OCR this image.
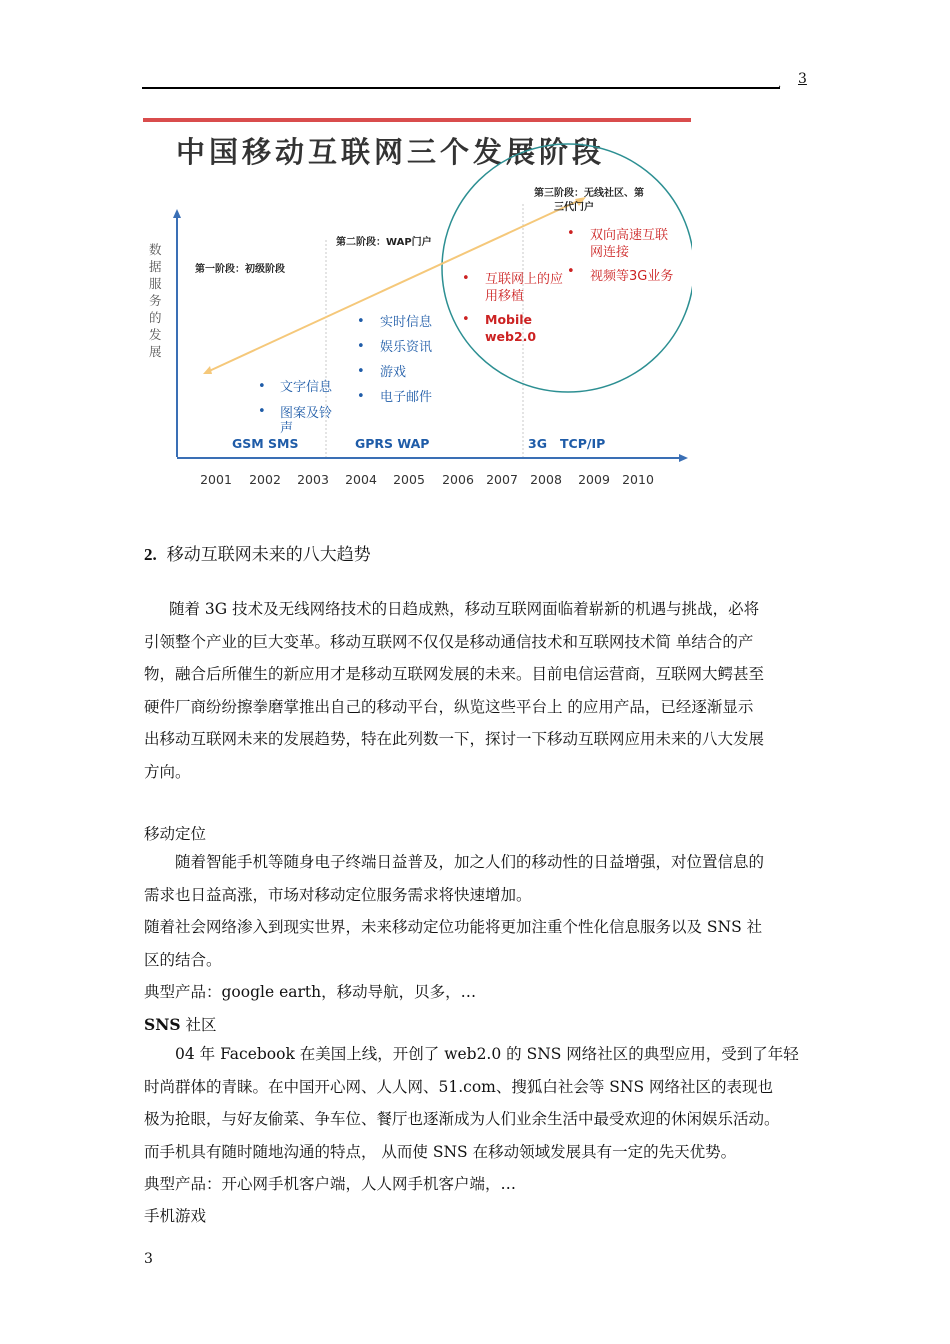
. 3
中国移动互联网三个发展阶段
数
据
服
务
的
发
展
第一阶段：初级阶段
第二阶段：WAP门户
第三阶段：无线社区、第
三代门户
• 文字信息
• 图案及铃
声
• 实时信息
• 娱乐资讯
• 游戏
• 电子邮件
• 互联网上的应
用移植
• Mobile
web2.0
• 双向高速互联
网连接
• 视频等3G业务
GSM SMS	GPRS WAP	3G   TCP/IP
2001 2002 2003 2004 2005 2006 2007 2008 2009 2010
2. 移动互联网未来的八大趋势
随着 3G 技术及无线网络技术的日趋成熟，移动互联网面临着崭新的机遇与挑战，必将
引领整个产业的巨大变革。移动互联网不仅仅是移动通信技术和互联网技术简 单结合的产
物，融合后所催生的新应用才是移动互联网发展的未来。目前电信运营商，互联网大鳄甚至
硬件厂商纷纷擦拳磨掌推出自己的移动平台，纵览这些平台上 的应用产品，已经逐渐显示
出移动互联网未来的发展趋势，特在此列数一下，探讨一下移动互联网应用未来的八大发展
方向。
移动定位
随着智能手机等随身电子终端日益普及，加之人们的移动性的日益增强，对位置信息的
需求也日益高涨，市场对移动定位服务需求将快速增加。
随着社会网络渗入到现实世界，未来移动定位功能将更加注重个性化信息服务以及 SNS 社
区的结合。
典型产品：google earth，移动导航，贝多，…
SNS 社区
04 年 Facebook 在美国上线，开创了 web2.0 的 SNS 网络社区的典型应用，受到了年轻
时尚群体的青睐。在中国开心网、人人网、51.com、搜狐白社会等 SNS 网络社区的表现也
极为抢眼，与好友偷菜、争车位、餐厅也逐渐成为人们业余生活中最受欢迎的休闲娱乐活动。
而手机具有随时随地沟通的特点， 从而使 SNS 在移动领域发展具有一定的先天优势。
典型产品：开心网手机客户端，人人网手机客户端，…
手机游戏
3
